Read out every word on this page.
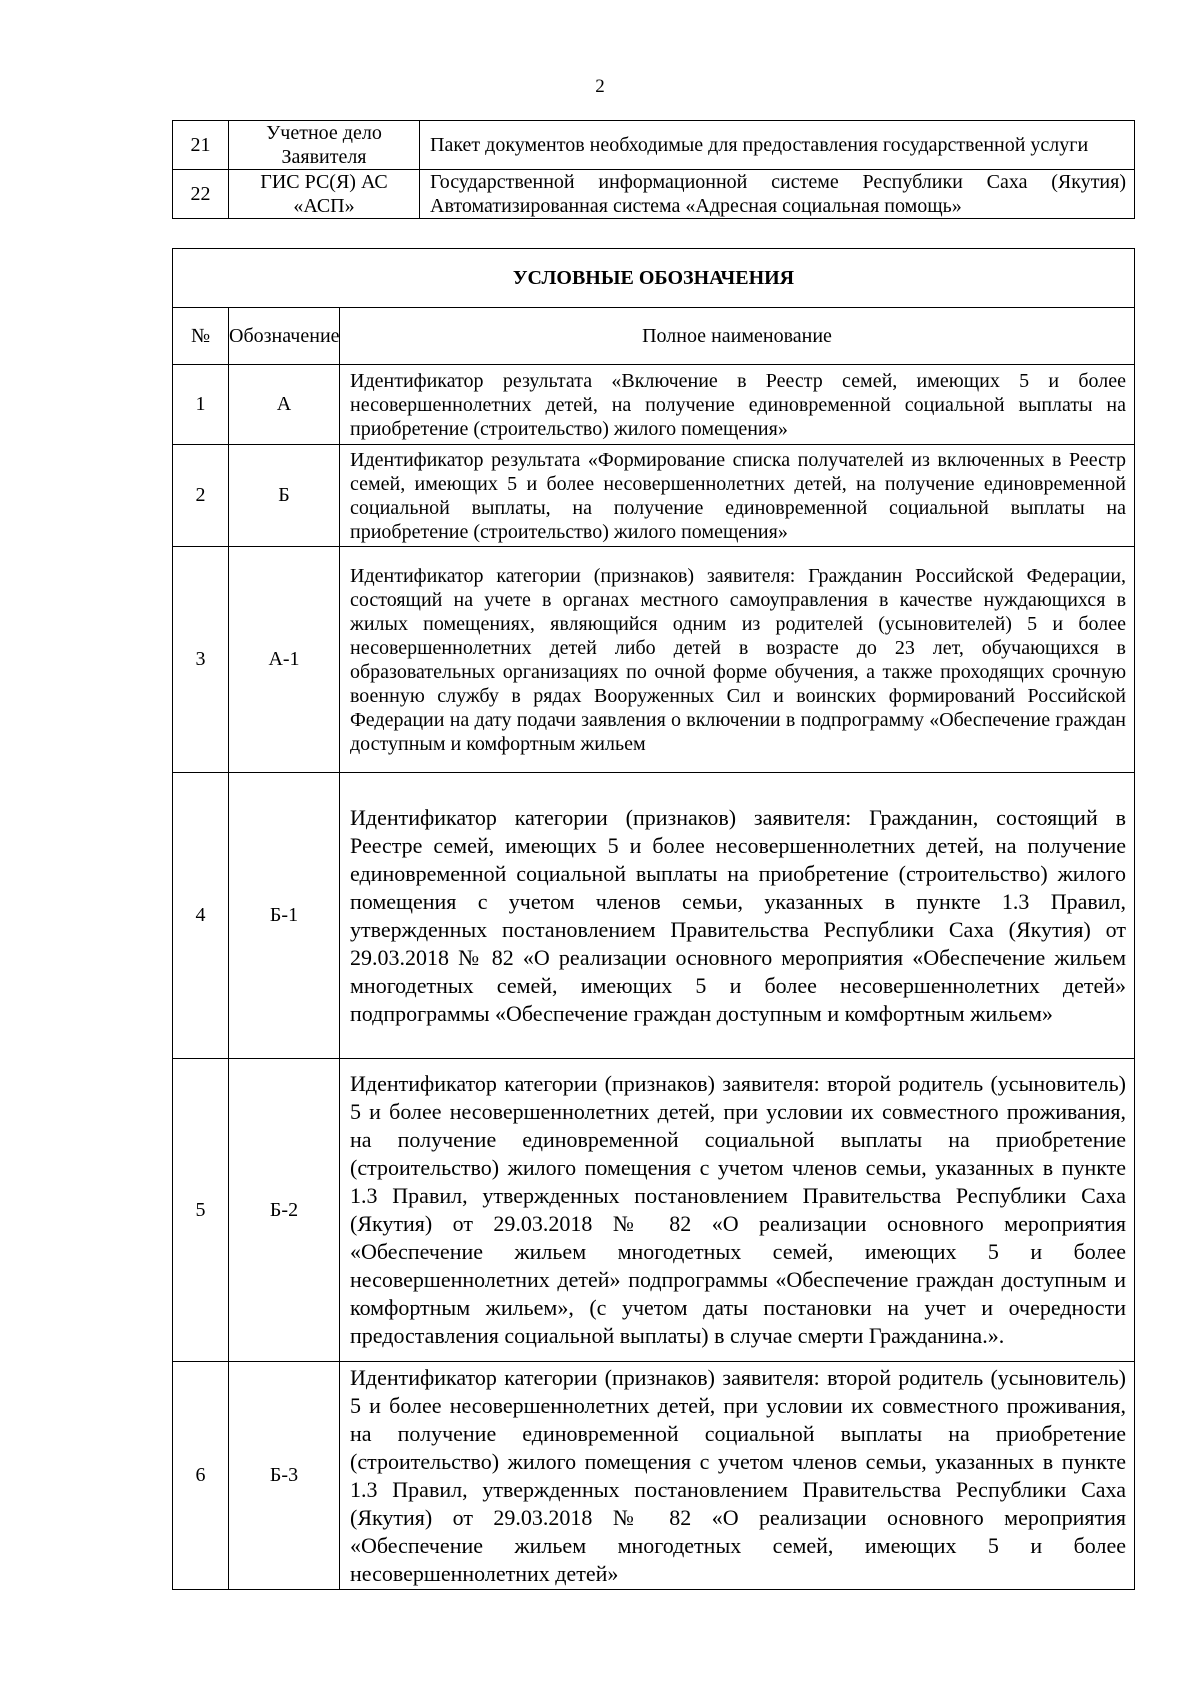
2
21	Учетное дело Заявителя	Пакет документов необходимые для предоставления государственной услуги
22	ГИС РС(Я) АС «АСП»	Государственной информационной системе Республики Саха (Якутия) Автоматизированная система «Адресная социальная помощь»
УСЛОВНЫЕ ОБОЗНАЧЕНИЯ		
№	Обозначение	Полное наименование
1	А	Идентификатор результата «Включение в Реестр семей, имеющих 5 и более несовершеннолетних детей, на получение единовременной социальной выплаты на приобретение (строительство) жилого помещения»

2	Б	Идентификатор результата «Формирование списка получателей из включенных в Реестр семей, имеющих 5 и более несовершеннолетних детей, на получение единовременной социальной выплаты, на получение единовременной социальной выплаты на приобретение (строительство) жилого помещения»

3	А-1	Идентификатор категории (признаков) заявителя: Гражданин Российской Федерации, состоящий на учете в органах местного самоуправления в качестве нуждающихся в жилых помещениях, являющийся одним из родителей (усыновителей) 5 и более несовершеннолетних детей либо детей в возрасте до 23 лет, обучающихся в образовательных организациях по очной форме обучения, а также проходящих срочную военную службу в рядах Вооруженных Сил и воинских формирований Российской Федерации на дату подачи заявления о включении в подпрограмму «Обеспечение граждан доступным и комфортным жильем

4	Б-1	Идентификатор категории (признаков) заявителя: Гражданин, состоящий в Реестре семей, имеющих 5 и более несовершеннолетних детей, на получение единовременной социальной выплаты на приобретение (строительство) жилого помещения с учетом членов семьи, указанных в пункте 1.3 Правил, утвержденных постановлением Правительства Республики Саха (Якутия) от 29.03.2018 № 82 «О реализации основного мероприятия «Обеспечение жильем многодетных семей, имеющих 5 и более несовершеннолетних детей» подпрограммы «Обеспечение граждан доступным и комфортным жильем»

5	Б-2	Идентификатор категории (признаков) заявителя: второй родитель (усыновитель) 5 и более несовершеннолетних детей, при условии их совместного проживания, на получение единовременной социальной выплаты на приобретение (строительство) жилого помещения с учетом членов семьи, указанных в пункте 1.3 Правил, утвержденных постановлением Правительства Республики Саха (Якутия) от 29.03.2018 № 82 «О реализации основного мероприятия «Обеспечение жильем многодетных семей, имеющих 5 и более несовершеннолетних детей» подпрограммы «Обеспечение граждан доступным и комфортным жильем», (с учетом даты постановки на учет и очередности предоставления социальной выплаты) в случае смерти Гражданина.».

6	Б-3	Идентификатор категории (признаков) заявителя: второй родитель (усыновитель) 5 и более несовершеннолетних детей, при условии их совместного проживания, на получение единовременной социальной выплаты на приобретение (строительство) жилого помещения с учетом членов семьи, указанных в пункте 1.3 Правил, утвержденных постановлением Правительства Республики Саха (Якутия) от 29.03.2018 № 82 «О реализации основного мероприятия «Обеспечение жильем многодетных семей, имеющих 5 и более несовершеннолетних детей»
